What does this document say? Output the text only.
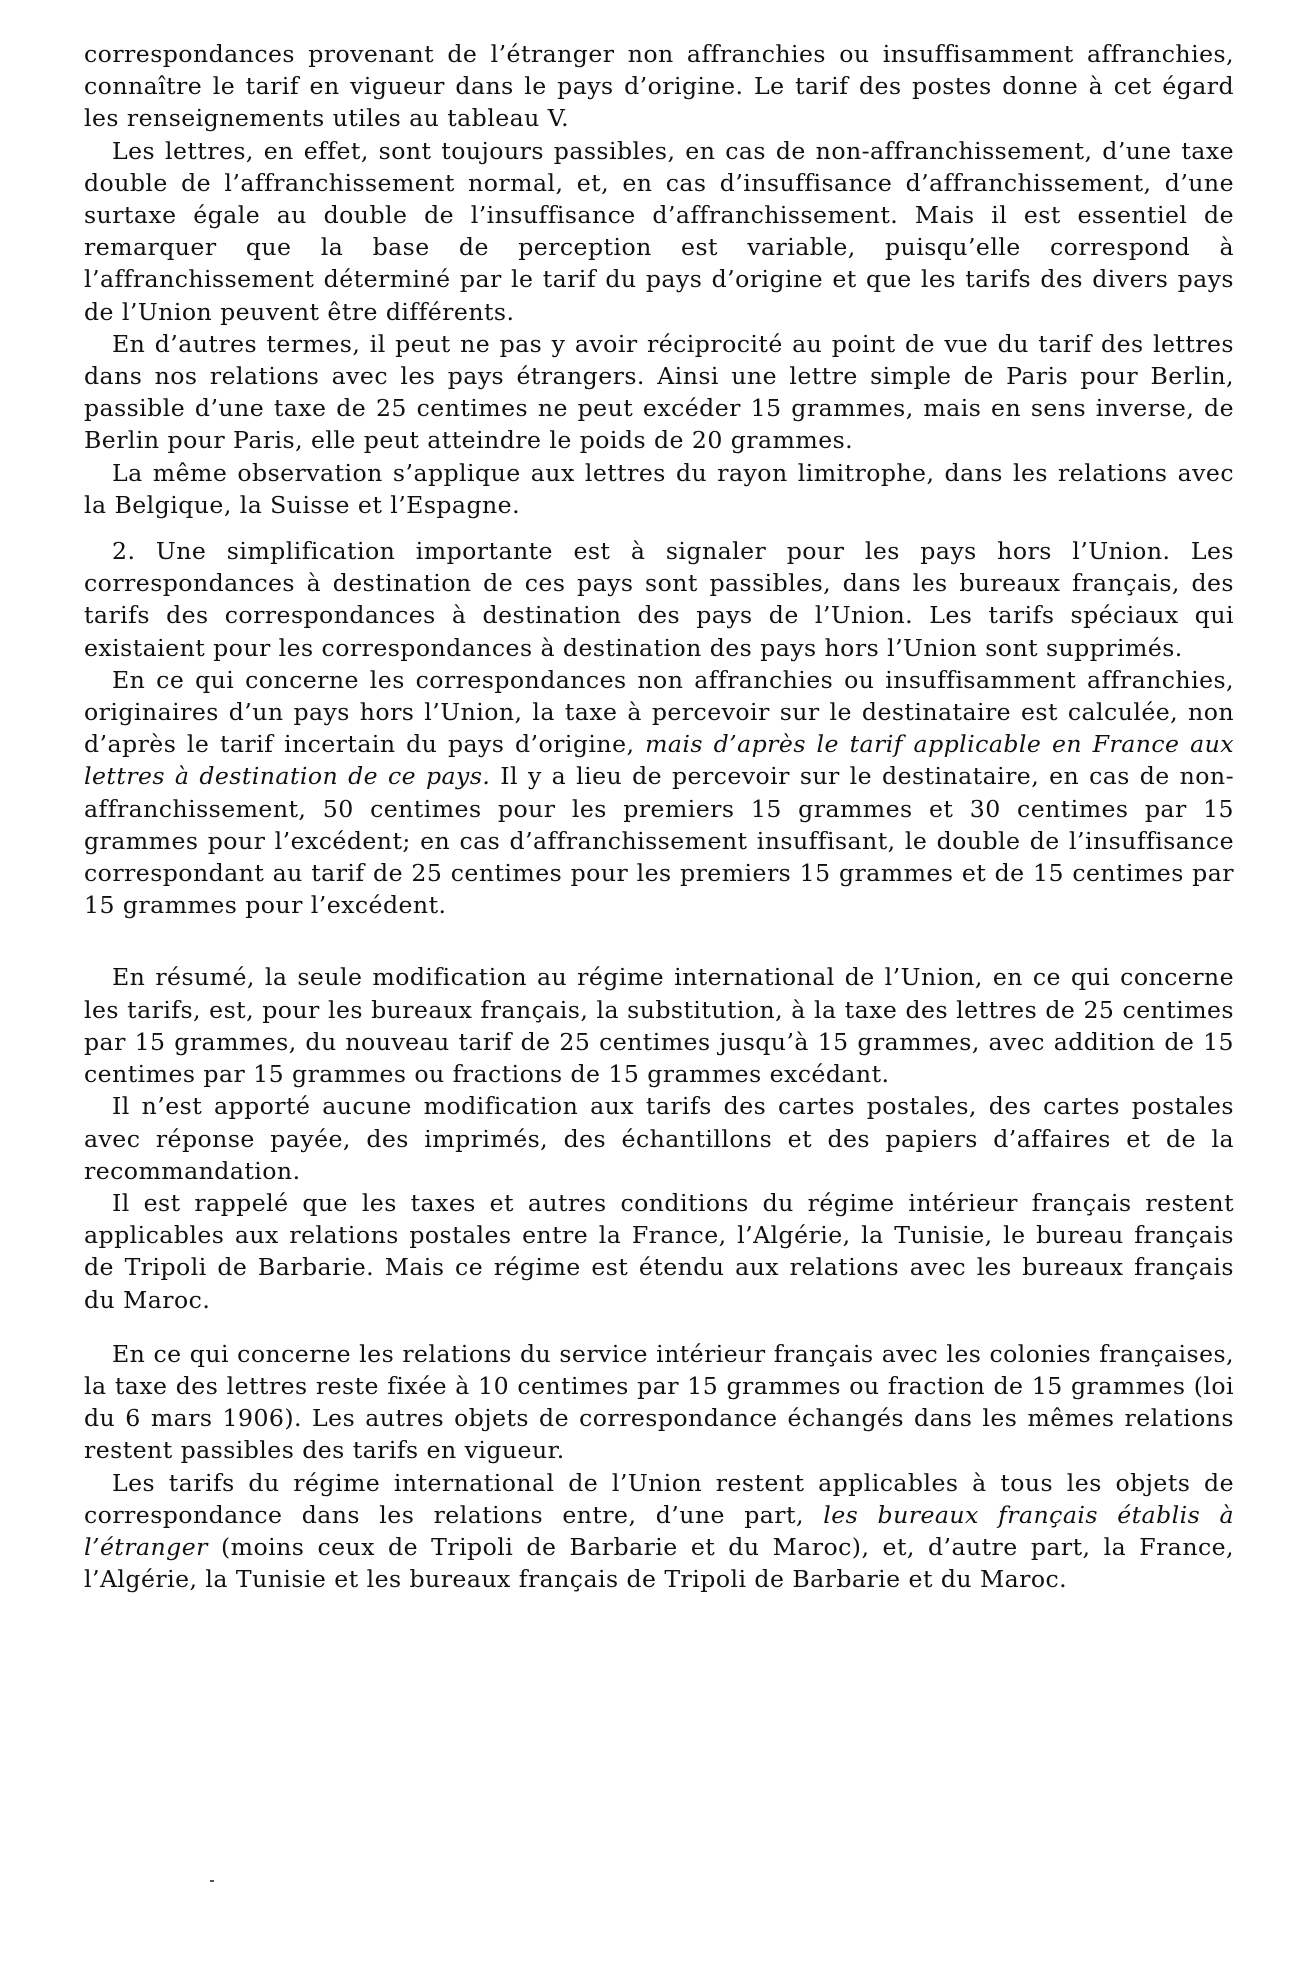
correspondances provenant de l’étranger non affranchies ou insuffisamment affranchies, connaître le tarif en vigueur dans le pays d’origine. Le tarif des postes donne à cet égard les renseignements utiles au tableau V.

Les lettres, en effet, sont toujours passibles, en cas de non-affranchissement, d’une taxe double de l’affranchissement normal, et, en cas d’insuffisance d’affranchissement, d’une surtaxe égale au double de l’insuffisance d’affranchissement. Mais il est essentiel de remarquer que la base de perception est variable, puisqu’elle correspond à l’affranchissement déterminé par le tarif du pays d’origine et que les tarifs des divers pays de l’Union peuvent être différents.

En d’autres termes, il peut ne pas y avoir réciprocité au point de vue du tarif des lettres dans nos relations avec les pays étrangers. Ainsi une lettre simple de Paris pour Berlin, passible d’une taxe de 25 centimes ne peut excéder 15 grammes, mais en sens inverse, de Berlin pour Paris, elle peut atteindre le poids de 20 grammes.

La même observation s’applique aux lettres du rayon limitrophe, dans les relations avec la Belgique, la Suisse et l’Espagne.

2. Une simplification importante est à signaler pour les pays hors l’Union. Les correspondances à destination de ces pays sont passibles, dans les bureaux français, des tarifs des correspondances à destination des pays de l’Union. Les tarifs spéciaux qui existaient pour les correspondances à destination des pays hors l’Union sont supprimés.

En ce qui concerne les correspondances non affranchies ou insuffisamment affranchies, originaires d’un pays hors l’Union, la taxe à percevoir sur le destinataire est calculée, non d’après le tarif incertain du pays d’origine, mais d’après le tarif applicable en France aux lettres à destination de ce pays. Il y a lieu de percevoir sur le destinataire, en cas de non-affranchissement, 50 centimes pour les premiers 15 grammes et 30 centimes par 15 grammes pour l’excédent; en cas d’affranchissement insuffisant, le double de l’insuffisance correspondant au tarif de 25 centimes pour les premiers 15 grammes et de 15 centimes par 15 grammes pour l’excédent.

En résumé, la seule modification au régime international de l’Union, en ce qui concerne les tarifs, est, pour les bureaux français, la substitution, à la taxe des lettres de 25 centimes par 15 grammes, du nouveau tarif de 25 centimes jusqu’à 15 grammes, avec addition de 15 centimes par 15 grammes ou fractions de 15 grammes excédant.

Il n’est apporté aucune modification aux tarifs des cartes postales, des cartes postales avec réponse payée, des imprimés, des échantillons et des papiers d’affaires et de la recommandation.

Il est rappelé que les taxes et autres conditions du régime intérieur français restent applicables aux relations postales entre la France, l’Algérie, la Tunisie, le bureau français de Tripoli de Barbarie. Mais ce régime est étendu aux relations avec les bureaux français du Maroc.

En ce qui concerne les relations du service intérieur français avec les colonies françaises, la taxe des lettres reste fixée à 10 centimes par 15 grammes ou fraction de 15 grammes (loi du 6 mars 1906). Les autres objets de correspondance échangés dans les mêmes relations restent passibles des tarifs en vigueur.

Les tarifs du régime international de l’Union restent applicables à tous les objets de correspondance dans les relations entre, d’une part, les bureaux français établis à l’étranger (moins ceux de Tripoli de Barbarie et du Maroc), et, d’autre part, la France, l’Algérie, la Tunisie et les bureaux français de Tripoli de Barbarie et du Maroc.
